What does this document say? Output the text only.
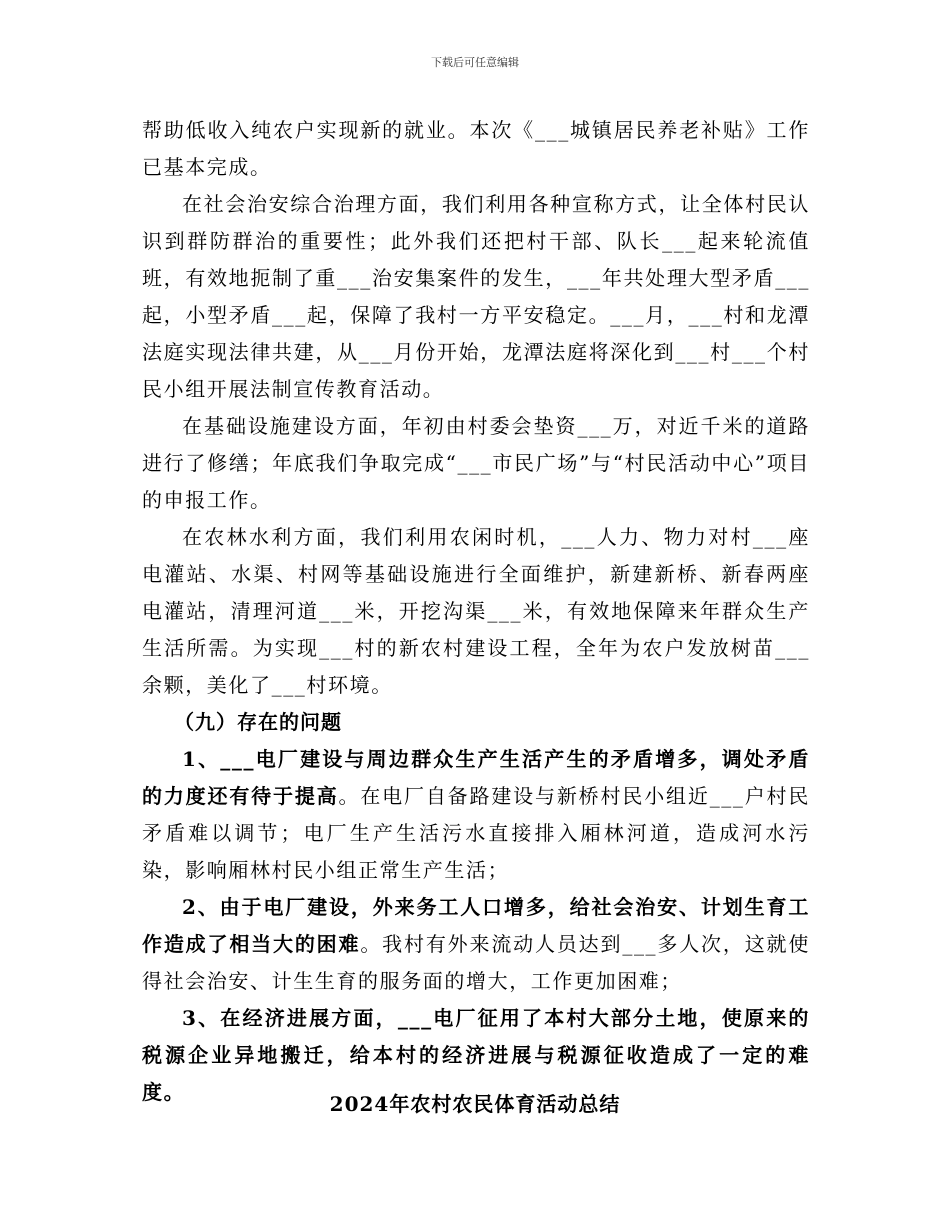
下载后可任意编辑

帮助低收入纯农户实现新的就业。本次《___城镇居民养老补贴》工作已基本完成。

在社会治安综合治理方面，我们利用各种宣称方式，让全体村民认识到群防群治的重要性；此外我们还把村干部、队长___起来轮流值班，有效地扼制了重___治安集案件的发生，___年共处理大型矛盾___起，小型矛盾___起，保障了我村一方平安稳定。___月，___村和龙潭法庭实现法律共建，从___月份开始，龙潭法庭将深化到___村___个村民小组开展法制宣传教育活动。

在基础设施建设方面，年初由村委会垫资___万，对近千米的道路进行了修缮；年底我们争取完成“___市民广场”与“村民活动中心”项目的申报工作。

在农林水利方面，我们利用农闲时机，___人力、物力对村___座电灌站、水渠、村网等基础设施进行全面维护，新建新桥、新春两座电灌站，清理河道___米，开挖沟渠___米，有效地保障来年群众生产生活所需。为实现___村的新农村建设工程，全年为农户发放树苗___余颗，美化了___村环境。

（九）存在的问题

1、___电厂建设与周边群众生产生活产生的矛盾增多，调处矛盾的力度还有待于提高。在电厂自备路建设与新桥村民小组近___户村民矛盾难以调节；电厂生产生活污水直接排入厢林河道，造成河水污染，影响厢林村民小组正常生产生活；

2、由于电厂建设，外来务工人口增多，给社会治安、计划生育工作造成了相当大的困难。我村有外来流动人员达到___多人次，这就使得社会治安、计生生育的服务面的增大，工作更加困难；

3、在经济进展方面，___电厂征用了本村大部分土地，使原来的税源企业异地搬迁，给本村的经济进展与税源征收造成了一定的难度。	2024年农村农民体育活动总结
